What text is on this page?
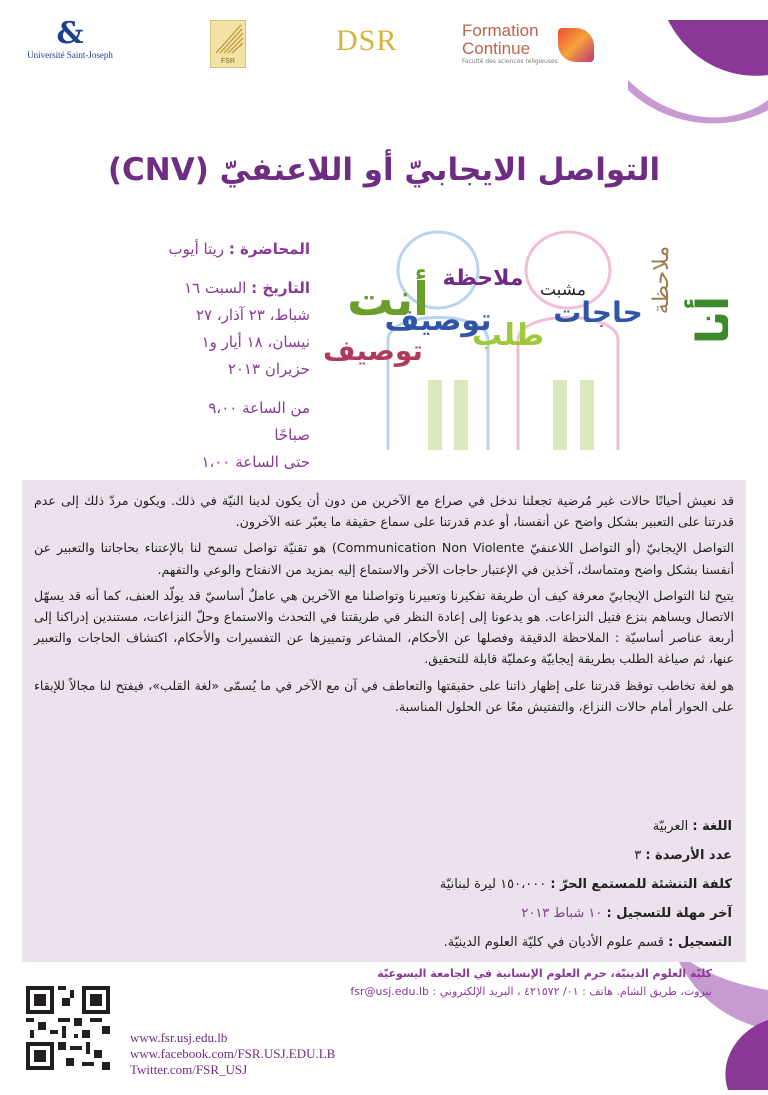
&
Université Saint-Joseph
FSR
DSR	Formation
Continue
Faculté des sciences religieuses
التواصل الايجابيّ أو اللاعنفيّ (CNV)
المحاضرة : ريتا أيوب
التاريخ : السبت ١٦ شباط، ٢٣ آذار، ٢٧ نيسان، ١٨ أيار و١ حزيران ٢٠١٣
من الساعة ٩،٠٠ صباحًا
حتى الساعة ١،٠٠
أنت ملاحظة
توصيف
مشبت
حاجات
طلب
توصيف
أنا
ملاحظة

قد نعيش أحيانًا حالات غير مُرضية تجعلنا ندخل في صراع مع الآخرين من دون أن يكون لدينا النيّة في ذلك. ويكون مردّ ذلك إلى عدم قدرتنا على التعبير بشكل واضح عن أنفسنا، أو عدم قدرتنا على سماع حقيقة ما يعبّر عنه الآخرون.

التواصل الإيجابيّ (أو التواصل اللاعنفيّ Communication Non Violente) هو تقنيّة تواصل تسمح لنا بالإعتناء بحاجاتنا والتعبير عن أنفسنا بشكل واضح ومتماسك، آخذين في الإعتبار حاجات الآخر والاستماع إليه بمزيد من الانفتاح والوعي والتفهم.

يتيح لنا التواصل الإيجابيّ معرفة كيف أن طريقة تفكيرنا وتعبيرنا وتواصلنا مع الآخرين هي عاملٌ أساسيّ قد يولّد العنف، كما أنه قد يسهّل الاتصال ويساهم بنزع فتيل النزاعات. هو يدعونا إلى إعادة النظر في طريقتنا في التحدث والاستماع وحلّ النزاعات، مستندين إدراكنا إلى أربعة عناصر أساسيّة : الملاحظة الدقيقة وفصلها عن الأحكام، المشاعر وتمييزها عن التفسيرات والأحكام، اكتشاف الحاجات والتعبير عنها، ثم صياغة الطلب بطريقة إيجابيّة وعمليّة قابلة للتحقيق.

هو لغة تخاطب توقظ قدرتنا على إظهار ذاتنا على حقيقتها والتعاطف في آن مع الآخر في ما يُسمّى «لغة القلب»، فيفتح لنا مجالاً للإبقاء على الحوار أمام حالات النزاع، والتفتيش معًا عن الحلول المناسبة.

اللغة : العربيّة
عدد الأرصدة : ٣
كلفة التنشئة للمستمع الحرّ : ١٥٠،٠٠٠ ليرة لبنانيّة
آخر مهلة للتسجيل : ١٠ شباط ٢٠١٣
التسجيل : قسم علوم الأديان في كليّة العلوم الدينيّة.
كليّة العلوم الدينيّة، حرم العلوم الإنسانية في الجامعة اليسوعيّة
بيروت، طريق الشام. هاتف : ٠١/ ٤٢١٥٧٢ ، البريد الإلكتروني : fsr@usj.edu.lb
www.fsr.usj.edu.lb
www.facebook.com/FSR.USJ.EDU.LB
Twitter.com/FSR_USJ
